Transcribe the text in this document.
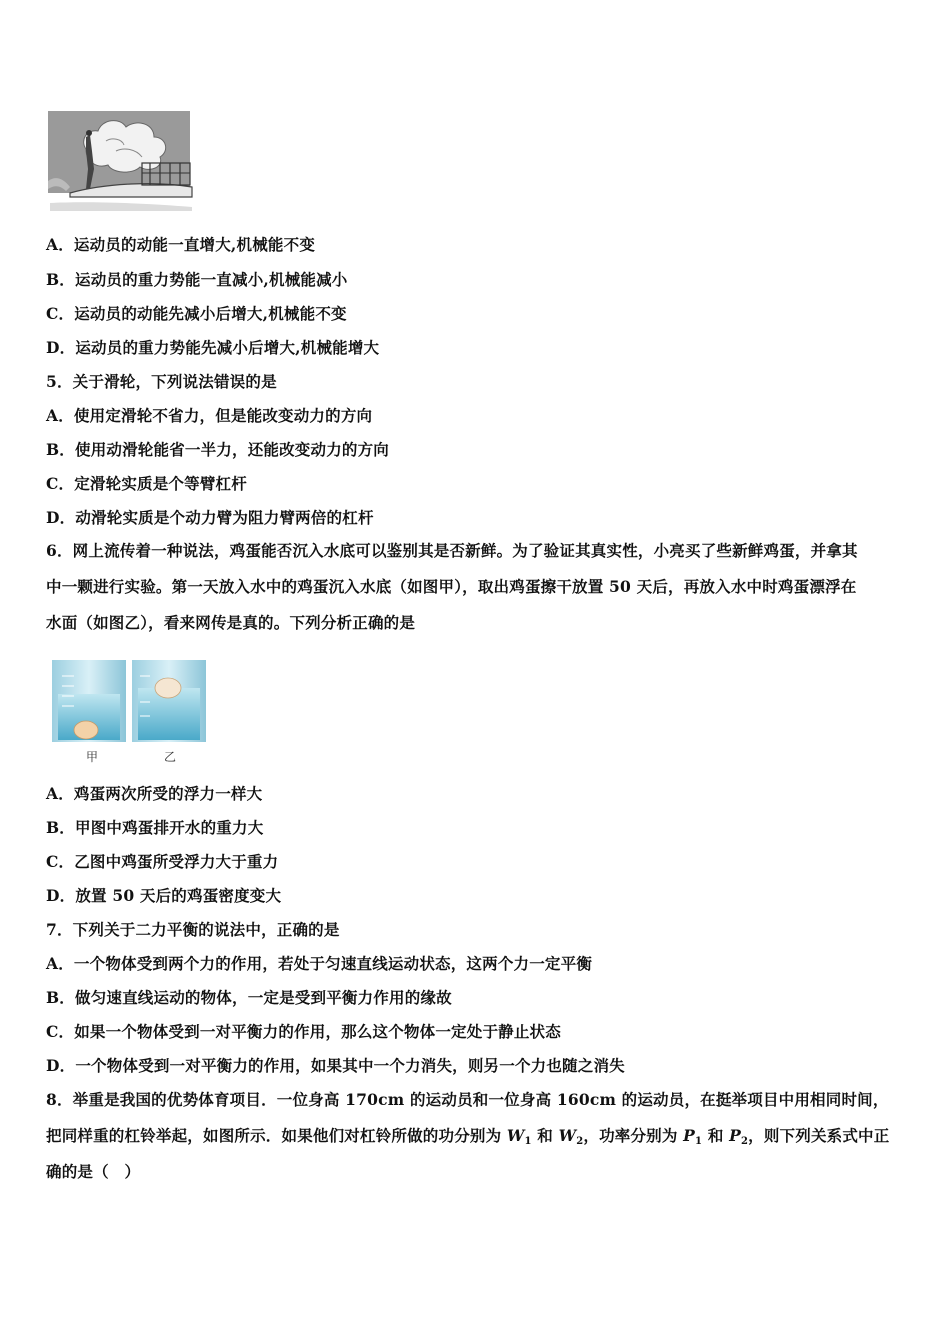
A．运动员的动能一直增大,机械能不变
B．运动员的重力势能一直减小,机械能减小
C．运动员的动能先减小后增大,机械能不变
D．运动员的重力势能先减小后增大,机械能增大
5．关于滑轮，下列说法错误的是
A．使用定滑轮不省力，但是能改变动力的方向
B．使用动滑轮能省一半力，还能改变动力的方向
C．定滑轮实质是个等臂杠杆
D．动滑轮实质是个动力臂为阻力臂两倍的杠杆
6．网上流传着一种说法，鸡蛋能否沉入水底可以鉴别其是否新鲜。为了验证其真实性，小亮买了些新鲜鸡蛋，并拿其
中一颗进行实验。第一天放入水中的鸡蛋沉入水底（如图甲），取出鸡蛋擦干放置 50 天后，再放入水中时鸡蛋漂浮在
水面（如图乙），看来网传是真的。下列分析正确的是
甲	乙
A．鸡蛋两次所受的浮力一样大
B．甲图中鸡蛋排开水的重力大
C．乙图中鸡蛋所受浮力大于重力
D．放置 50 天后的鸡蛋密度变大
7．下列关于二力平衡的说法中，正确的是
A．一个物体受到两个力的作用，若处于匀速直线运动状态，这两个力一定平衡
B．做匀速直线运动的物体，一定是受到平衡力作用的缘故
C．如果一个物体受到一对平衡力的作用，那么这个物体一定处于静止状态
D．一个物体受到一对平衡力的作用，如果其中一个力消失，则另一个力也随之消失
8．举重是我国的优势体育项目．一位身高 170cm 的运动员和一位身高 160cm 的运动员，在挺举项目中用相同时间，
把同样重的杠铃举起，如图所示．如果他们对杠铃所做的功分别为 $W_1$ 和 $W_2$，功率分别为 $P_1$ 和 $P_2$，则下列关系式中正
确的是（　）
